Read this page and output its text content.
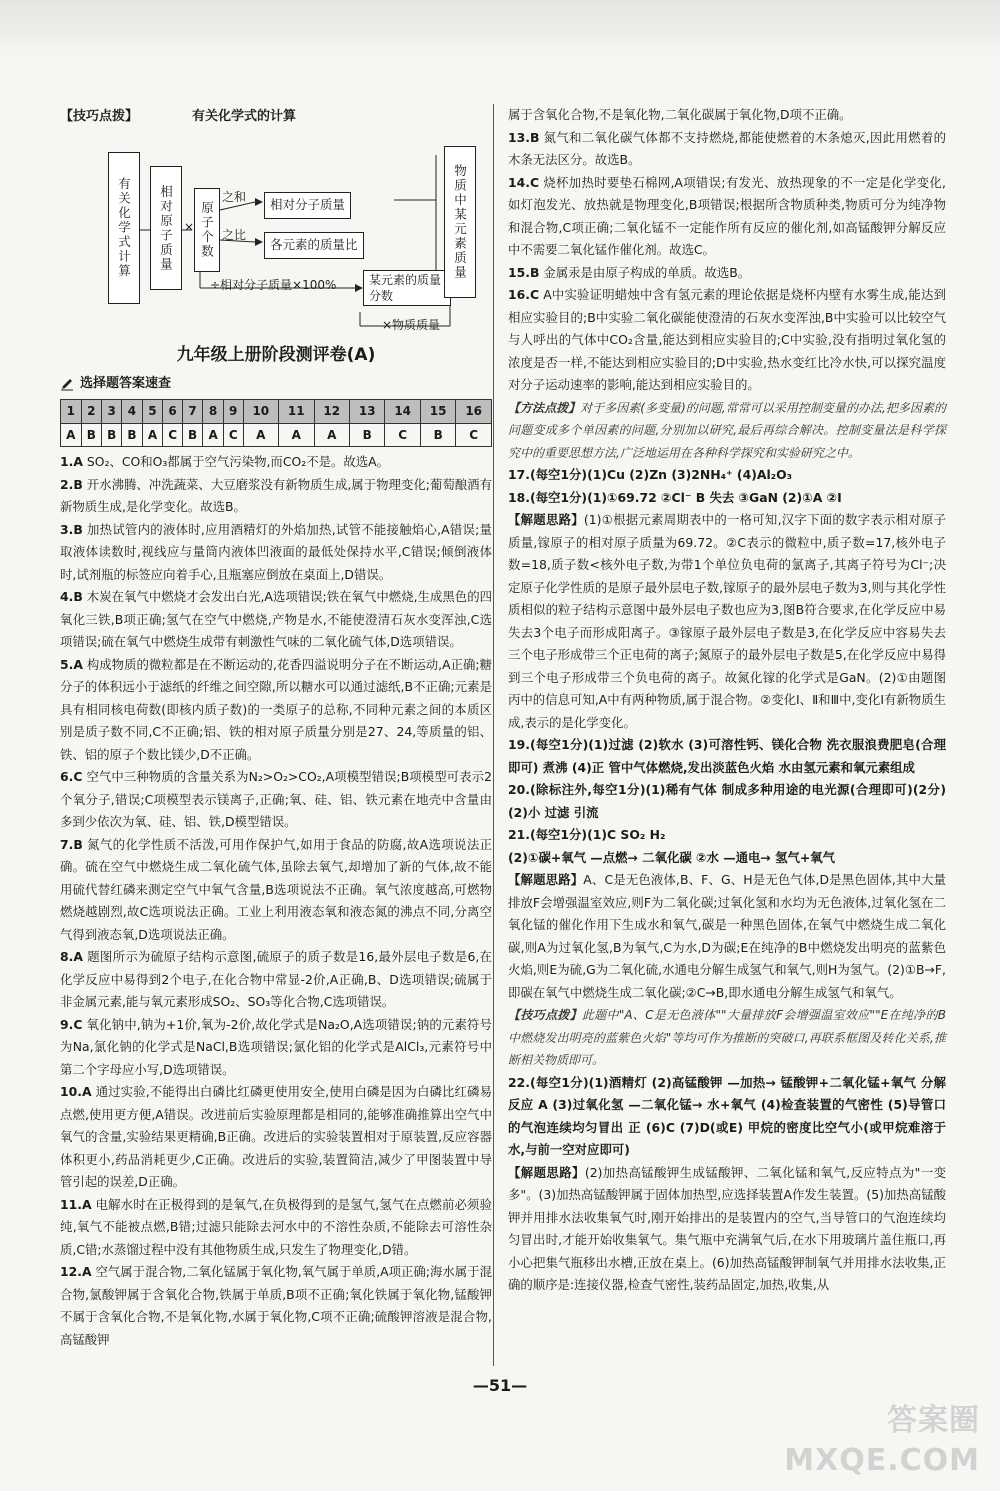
【技巧点拨】	有关化学式的计算
有关化学式计算 相对原子质量 × 原子个数
之和
之比
相对分子质量
各元素的质量比
÷相对分子质量×100%	某元素的质量分数
×物质质量
物质中某元素质量
九年级上册阶段测评卷(A)
选择题答案速查
1	2	3	4	5	6	7	8	9	10	11	12	13	14	15	16
A	B	B	B	A	C	B	A	C	A	A	A	B	C	B	C

1.A SO₂、CO和O₃都属于空气污染物,而CO₂不是。故选A。

2.B 开水沸腾、冲洗蔬菜、大豆磨浆没有新物质生成,属于物理变化;葡萄酿酒有新物质生成,是化学变化。故选B。

3.B 加热试管内的液体时,应用酒精灯的外焰加热,试管不能接触焰心,A错误;量取液体读数时,视线应与量筒内液体凹液面的最低处保持水平,C错误;倾倒液体时,试剂瓶的标签应向着手心,且瓶塞应倒放在桌面上,D错误。

4.B 木炭在氧气中燃烧才会发出白光,A选项错误;铁在氧气中燃烧,生成黑色的四氧化三铁,B项正确;氢气在空气中燃烧,产物是水,不能使澄清石灰水变浑浊,C选项错误;硫在氧气中燃烧生成带有刺激性气味的二氧化硫气体,D选项错误。

5.A 构成物质的微粒都是在不断运动的,花香四溢说明分子在不断运动,A正确;糖分子的体积远小于滤纸的纤维之间空隙,所以糖水可以通过滤纸,B不正确;元素是具有相同核电荷数(即核内质子数)的一类原子的总称,不同种元素之间的本质区别是质子数不同,C不正确;铝、铁的相对原子质量分别是27、24,等质量的铝、铁、铝的原子个数比镁少,D不正确。

6.C 空气中三种物质的含量关系为N₂>O₂>CO₂,A项模型错误;B项模型可表示2个氧分子,错误;C项模型表示镁离子,正确;氧、硅、铝、铁元素在地壳中含量由多到少依次为氧、硅、铝、铁,D模型错误。

7.B 氮气的化学性质不活泼,可用作保护气,如用于食品的防腐,故A选项说法正确。硫在空气中燃烧生成二氧化硫气体,虽除去氧气,却增加了新的气体,故不能用硫代替红磷来测定空气中氧气含量,B选项说法不正确。氧气浓度越高,可燃物燃烧越剧烈,故C选项说法正确。工业上利用液态氧和液态氮的沸点不同,分离空气得到液态氧,D选项说法正确。

8.A 题图所示为硫原子结构示意图,硫原子的质子数是16,最外层电子数是6,在化学反应中易得到2个电子,在化合物中常显-2价,A正确,B、D选项错误;硫属于非金属元素,能与氧元素形成SO₂、SO₃等化合物,C选项错误。

9.C 氧化钠中,钠为+1价,氧为-2价,故化学式是Na₂O,A选项错误;钠的元素符号为Na,氯化钠的化学式是NaCl,B选项错误;氯化铝的化学式是AlCl₃,元素符号中第二个字母应小写,D选项错误。

10.A 通过实验,不能得出白磷比红磷更使用安全,使用白磷是因为白磷比红磷易点燃,使用更方便,A错误。改进前后实验原理都是相同的,能够准确推算出空气中氧气的含量,实验结果更精确,B正确。改进后的实验装置相对于原装置,反应容器体积更小,药品消耗更少,C正确。改进后的实验,装置简洁,减少了甲图装置中导管引起的误差,D正确。

11.A 电解水时在正极得到的是氧气,在负极得到的是氢气,氢气在点燃前必须验纯,氧气不能被点燃,B错;过滤只能除去河水中的不溶性杂质,不能除去可溶性杂质,C错;水蒸馏过程中没有其他物质生成,只发生了物理变化,D错。

12.A 空气属于混合物,二氧化锰属于氧化物,氧气属于单质,A项正确;海水属于混合物,氯酸钾属于含氧化合物,铁属于单质,B项不正确;氧化铁属于氧化物,锰酸钾不属于含氧化合物,不是氧化物,水属于氧化物,C项不正确;硫酸钾溶液是混合物,高锰酸钾

属于含氧化合物,不是氧化物,二氧化碳属于氧化物,D项不正确。

13.B 氮气和二氧化碳气体都不支持燃烧,都能使燃着的木条熄灭,因此用燃着的木条无法区分。故选B。

14.C 烧杯加热时要垫石棉网,A项错误;有发光、放热现象的不一定是化学变化,如灯泡发光、放热就是物理变化,B项错误;根据所含物质种类,物质可分为纯净物和混合物,C项正确;二氧化锰不一定能作所有反应的催化剂,如高锰酸钾分解反应中不需要二氧化锰作催化剂。故选C。

15.B 金属汞是由原子构成的单质。故选B。

16.C A中实验证明蜡烛中含有氢元素的理论依据是烧杯内壁有水雾生成,能达到相应实验目的;B中实验二氧化碳能使澄清的石灰水变浑浊,B中实验可以比较空气与人呼出的气体中CO₂含量,能达到相应实验目的;C中实验,没有指明过氧化氢的浓度是否一样,不能达到相应实验目的;D中实验,热水变红比冷水快,可以探究温度对分子运动速率的影响,能达到相应实验目的。

【方法点拨】对于多因素(多变量)的问题,常常可以采用控制变量的办法,把多因素的问题变成多个单因素的问题,分别加以研究,最后再综合解决。控制变量法是科学探究中的重要思想方法,广泛地运用在各种科学探究和实验研究之中。

17.(每空1分)(1)Cu (2)Zn (3)2NH₄⁺ (4)Al₂O₃

18.(每空1分)(1)①69.72 ②Cl⁻ B 失去 ③GaN (2)①A ②Ⅰ

【解题思路】(1)①根据元素周期表中的一格可知,汉字下面的数字表示相对原子质量,镓原子的相对原子质量为69.72。②C表示的微粒中,质子数=17,核外电子数=18,质子数<核外电子数,为带1个单位负电荷的氯离子,其离子符号为Cl⁻;决定原子化学性质的是原子最外层电子数,镓原子的最外层电子数为3,则与其化学性质相似的粒子结构示意图中最外层电子数也应为3,图B符合要求,在化学反应中易失去3个电子而形成阳离子。③镓原子最外层电子数是3,在化学反应中容易失去三个电子形成带三个正电荷的离子;氮原子的最外层电子数是5,在化学反应中易得到三个电子形成带三个负电荷的离子。故氮化镓的化学式是GaN。(2)①由题图丙中的信息可知,A中有两种物质,属于混合物。②变化Ⅰ、Ⅱ和Ⅲ中,变化Ⅰ有新物质生成,表示的是化学变化。

19.(每空1分)(1)过滤 (2)软水 (3)可溶性钙、镁化合物 洗衣服浪费肥皂(合理即可) 煮沸 (4)正 管中气体燃烧,发出淡蓝色火焰 水由氢元素和氧元素组成

20.(除标注外,每空1分)(1)稀有气体 制成多种用途的电光源(合理即可)(2分) (2)小 过滤 引流

21.(每空1分)(1)C SO₂ H₂

(2)①碳+氧气 —点燃→ 二氧化碳 ②水 —通电→ 氢气+氧气

【解题思路】A、C是无色液体,B、F、G、H是无色气体,D是黑色固体,其中大量排放F会增强温室效应,则F为二氧化碳;过氧化氢和水均为无色液体,过氧化氢在二氧化锰的催化作用下生成水和氧气,碳是一种黑色固体,在氧气中燃烧生成二氧化碳,则A为过氧化氢,B为氧气,C为水,D为碳;E在纯净的B中燃烧发出明亮的蓝紫色火焰,则E为硫,G为二氧化硫,水通电分解生成氢气和氧气,则H为氢气。(2)①B→F,即碳在氧气中燃烧生成二氧化碳;②C→B,即水通电分解生成氢气和氧气。

【技巧点拨】此题中"A、C是无色液体""大量排放F会增强温室效应""E在纯净的B中燃烧发出明亮的蓝紫色火焰"等均可作为推断的突破口,再联系框图及转化关系,推断相关物质即可。

22.(每空1分)(1)酒精灯 (2)高锰酸钾 —加热→ 锰酸钾+二氧化锰+氧气 分解反应 A (3)过氧化氢 —二氧化锰→ 水+氧气 (4)检查装置的气密性 (5)导管口的气泡连续均匀冒出 正 (6)C (7)D(或E) 甲烷的密度比空气小(或甲烷难溶于水,与前一空对应即可)

【解题思路】(2)加热高锰酸钾生成锰酸钾、二氧化锰和氧气,反应特点为"一变多"。(3)加热高锰酸钾属于固体加热型,应选择装置A作发生装置。(5)加热高锰酸钾并用排水法收集氧气时,刚开始排出的是装置内的空气,当导管口的气泡连续均匀冒出时,才能开始收集氧气。集气瓶中充满氧气后,在水下用玻璃片盖住瓶口,再小心把集气瓶移出水槽,正放在桌上。(6)加热高锰酸钾制氧气并用排水法收集,正确的顺序是:连接仪器,检查气密性,装药品固定,加热,收集,从

—51—
答案圈
MXQE.COM
